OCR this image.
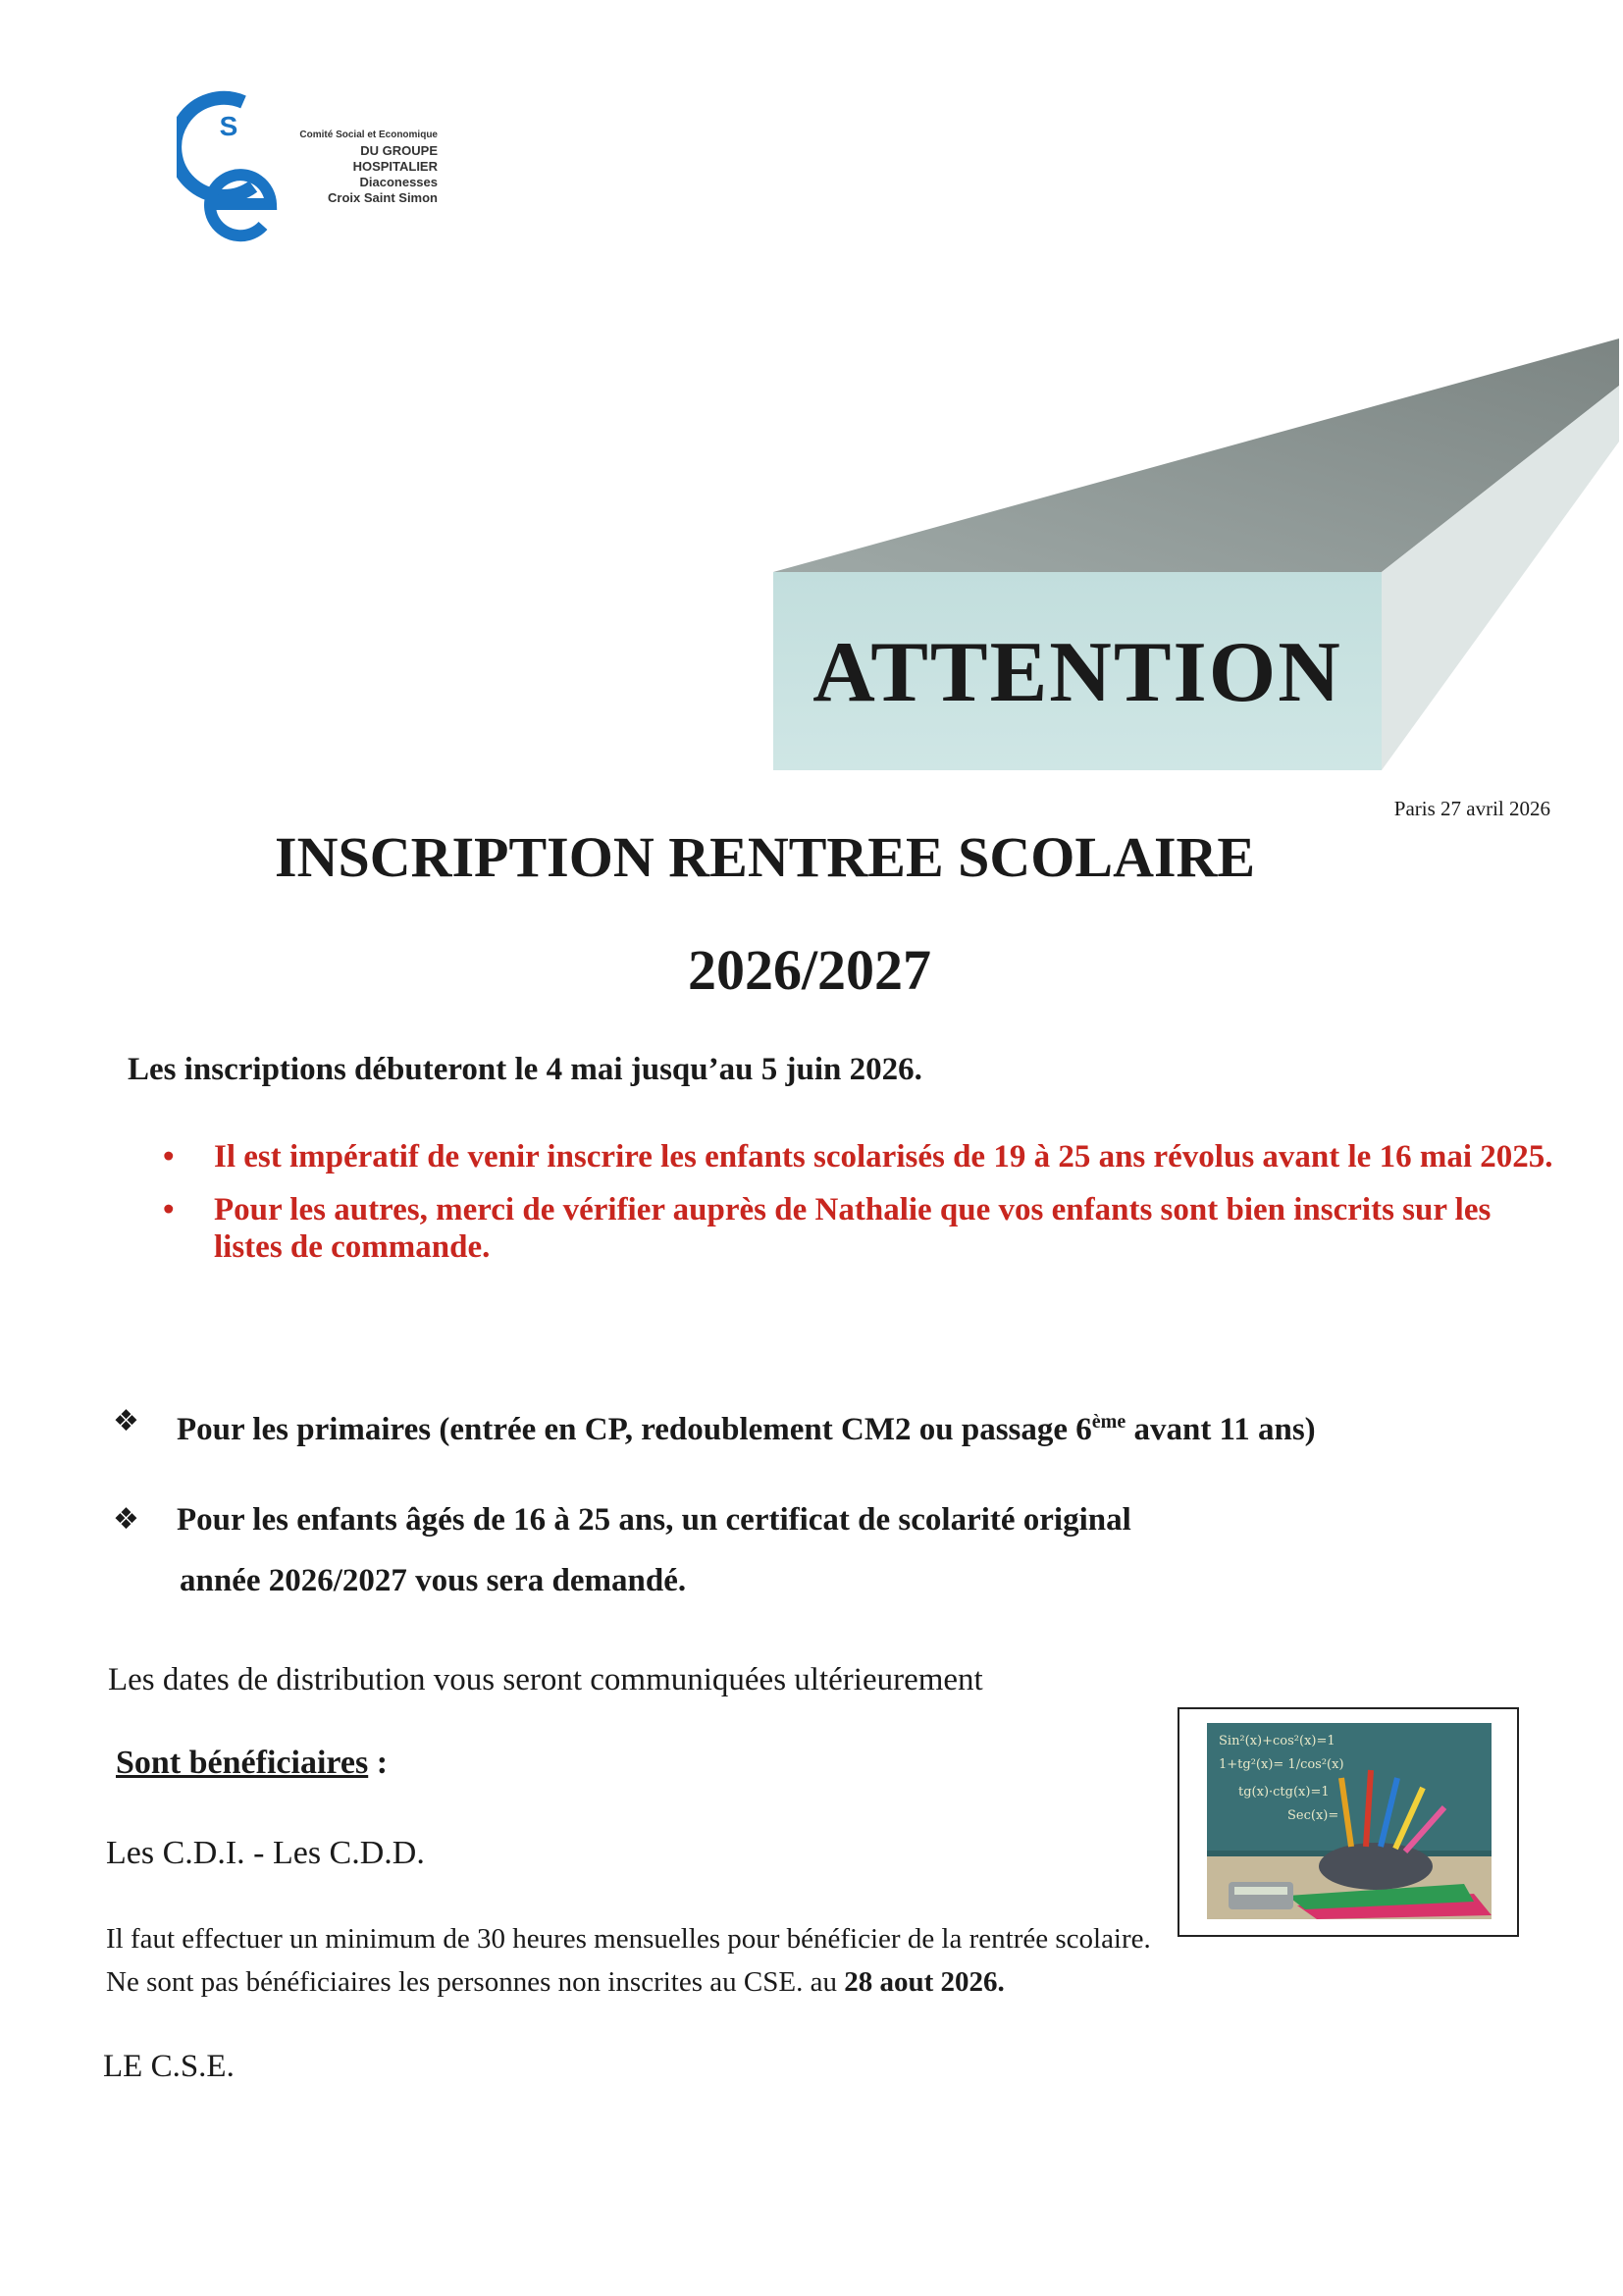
S	Comité Social et Economique
DU GROUPE
HOSPITALIER
Diaconesses
Croix Saint Simon
ATTENTION
Paris 27 avril 2026
INSCRIPTION RENTREE SCOLAIRE
2026/2027
Les inscriptions débuteront le 4 mai jusqu’au 5 juin 2026.
• Il est impératif de venir inscrire les enfants scolarisés de 19 à 25 ans révolus avant le 16 mai 2025.
• Pour les autres, merci de vérifier auprès de Nathalie que vos enfants sont bien inscrits sur les listes de commande.
❖ Pour les primaires (entrée en CP, redoublement CM2 ou passage 6ème avant 11 ans)
❖ Pour les enfants âgés de 16 à 25 ans, un certificat de scolarité original
année 2026/2027 vous sera demandé.
Les dates de distribution vous seront communiquées ultérieurement
Sont bénéficiaires :
Les C.D.I. - Les C.D.D.
Sin²(x)+cos²(x)=1
1+tg²(x)= 1/cos²(x)
tg(x)·ctg(x)=1
Sec(x)=
Il faut effectuer un minimum de 30 heures mensuelles pour bénéficier de la rentrée scolaire.
Ne sont pas bénéficiaires les personnes non inscrites au CSE. au 28 aout 2026.
LE C.S.E.
